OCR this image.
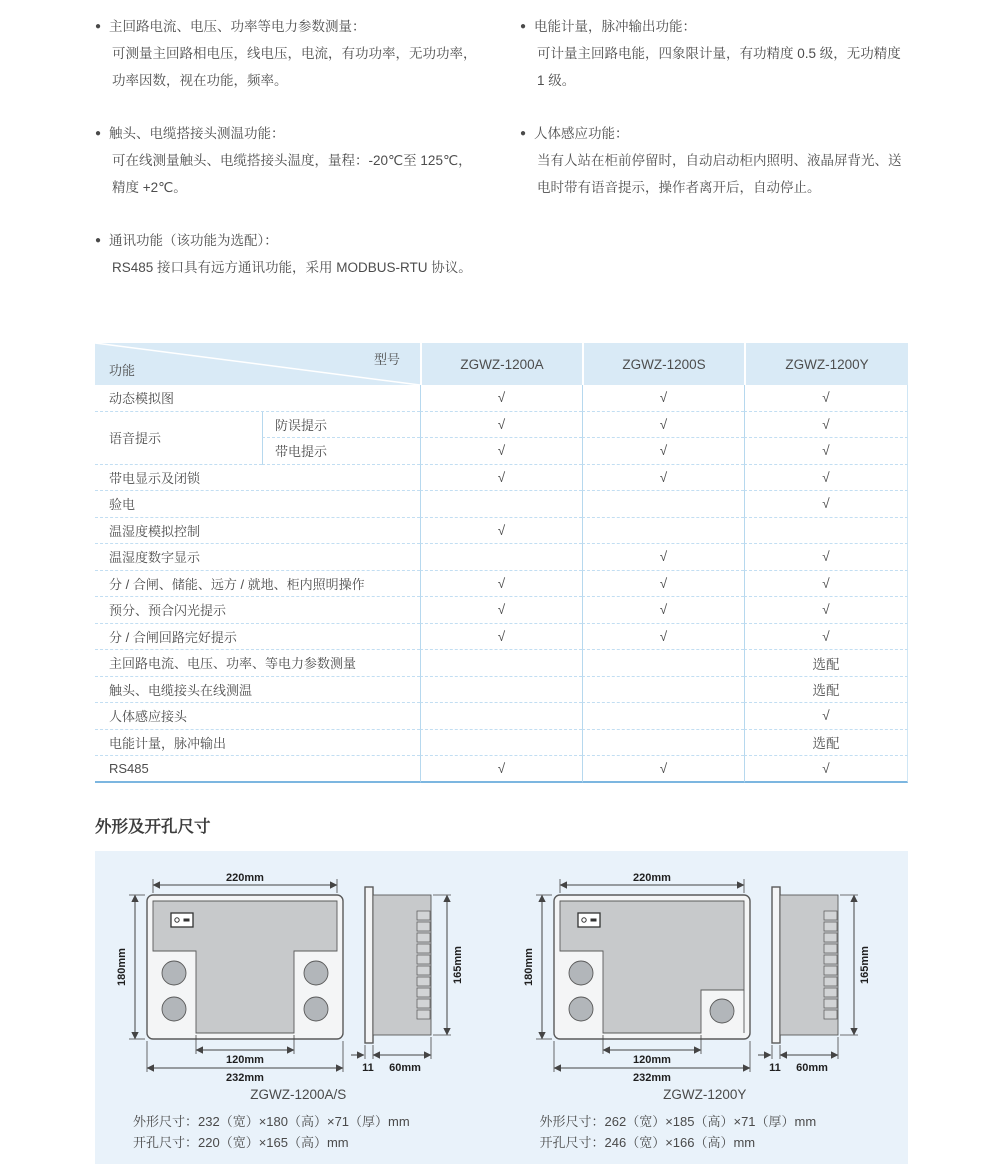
● 主回路电流、电压、功率等电力参数测量：
可测量主回路相电压，线电压，电流，有功功率，无功功率，
功率因数，视在功能，频率。
● 触头、电缆搭接头测温功能：
可在线测量触头、电缆搭接头温度，量程：-20℃至 125℃，
精度 +2℃。
● 通讯功能（该功能为选配）：
RS485 接口具有远方通讯功能，采用 MODBUS-RTU 协议。
● 电能计量，脉冲输出功能：
可计量主回路电能，四象限计量，有功精度 0.5 级，无功精度
1 级。
● 人体感应功能：
当有人站在柜前停留时，自动启动柜内照明、液晶屏背光、送
电时带有语音提示，操作者离开后，自动停止。
功能
型号		ZGWZ-1200A	ZGWZ-1200S	ZGWZ-1200Y
动态模拟图		√	√	√
语音提示	防误提示	√	√	√
	带电提示	√	√	√
带电显示及闭锁		√	√	√
验电				√
温湿度模拟控制		√		
温湿度数字显示			√	√
分 / 合闸、储能、远方 / 就地、柜内照明操作		√	√	√
预分、预合闪光提示		√	√	√
分 / 合闸回路完好提示		√	√	√
主回路电流、电压、功率、等电力参数测量				选配
触头、电缆接头在线测温				选配
人体感应接头				√
电能计量，脉冲输出				选配
RS485		√	√	√
外形及开孔尺寸
220mm
180mm
120mm
232mm
165mm
11 60mm
ZGWZ-1200A/S
外形尺寸：232（宽）×180（高）×71（厚）mm
开孔尺寸：220（宽）×165（高）mm
220mm
180mm
120mm
232mm
165mm
11 60mm
ZGWZ-1200Y
外形尺寸：262（宽）×185（高）×71（厚）mm
开孔尺寸：246（宽）×166（高）mm
